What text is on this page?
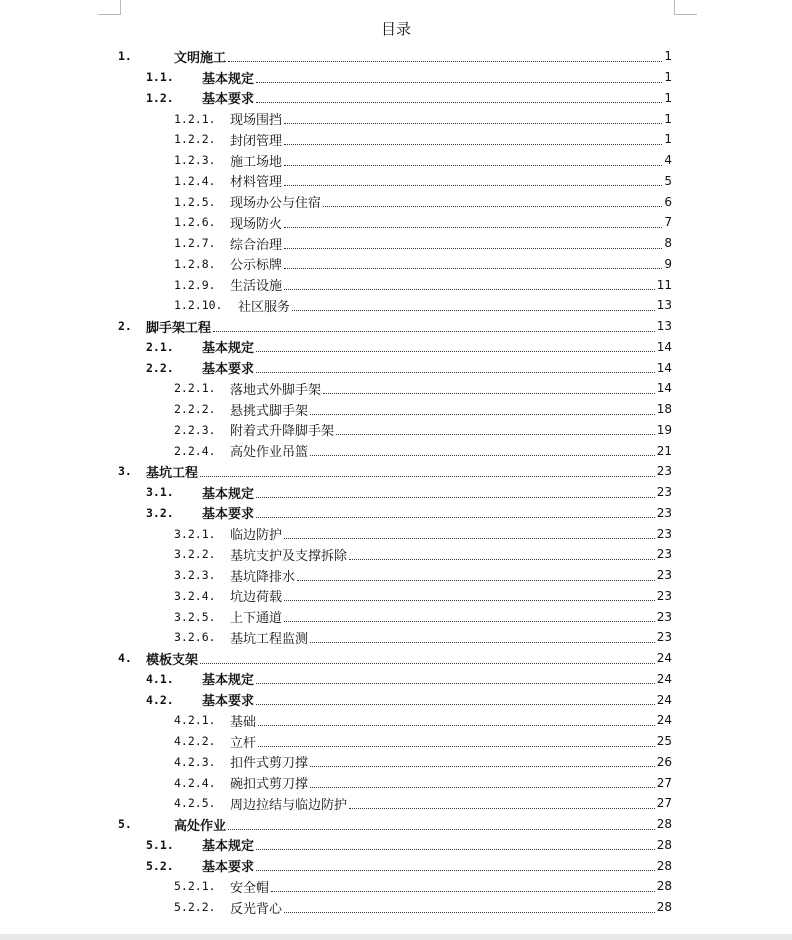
目录
1.	文明施工	1
1.1.	基本规定	1
1.2.	基本要求	1
1.2.1.	现场围挡	1
1.2.2.	封闭管理	1
1.2.3.	施工场地	4
1.2.4.	材料管理	5
1.2.5.	现场办公与住宿	6
1.2.6.	现场防火	7
1.2.7.	综合治理	8
1.2.8.	公示标牌	9
1.2.9.	生活设施	11
1.2.10.	社区服务	13
2.	脚手架工程	13
2.1.	基本规定	14
2.2.	基本要求	14
2.2.1.	落地式外脚手架	14
2.2.2.	悬挑式脚手架	18
2.2.3.	附着式升降脚手架	19
2.2.4.	高处作业吊篮	21
3.	基坑工程	23
3.1.	基本规定	23
3.2.	基本要求	23
3.2.1.	临边防护	23
3.2.2.	基坑支护及支撑拆除	23
3.2.3.	基坑降排水	23
3.2.4.	坑边荷载	23
3.2.5.	上下通道	23
3.2.6.	基坑工程监测	23
4.	模板支架	24
4.1.	基本规定	24
4.2.	基本要求	24
4.2.1.	基础	24
4.2.2.	立杆	25
4.2.3.	扣件式剪刀撑	26
4.2.4.	碗扣式剪刀撑	27
4.2.5.	周边拉结与临边防护	27
5.	高处作业	28
5.1.	基本规定	28
5.2.	基本要求	28
5.2.1.	安全帽	28
5.2.2.	反光背心	28
